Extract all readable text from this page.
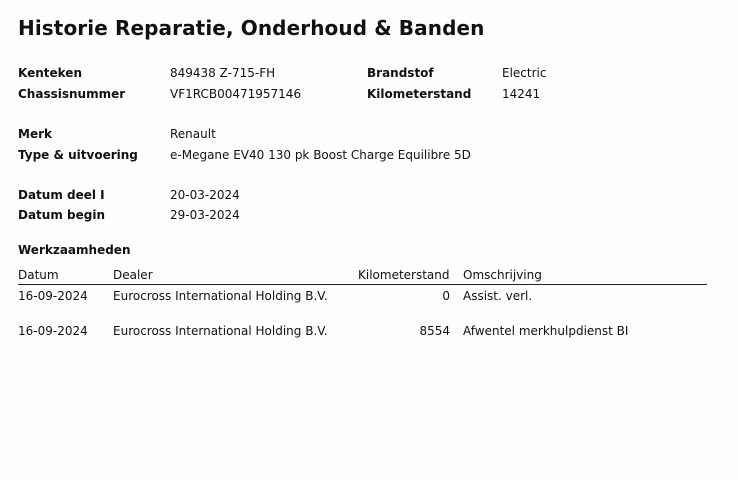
Historie Reparatie, Onderhoud & Banden
Kenteken	849438 Z-715-FH	Brandstof	Electric
Chassisnummer	VF1RCB00471957146	Kilometerstand	14241
Merk	Renault
Type & uitvoering	e-Megane EV40 130 pk Boost Charge Equilibre 5D
Datum deel I	20-03-2024
Datum begin	29-03-2024
Werkzaamheden
Datum	Dealer	Kilometerstand Omschrijving
16-09-2024 Eurocross International Holding B.V.	0 Assist. verl.
16-09-2024 Eurocross International Holding B.V.	8554 Afwentel merkhulpdienst BI
